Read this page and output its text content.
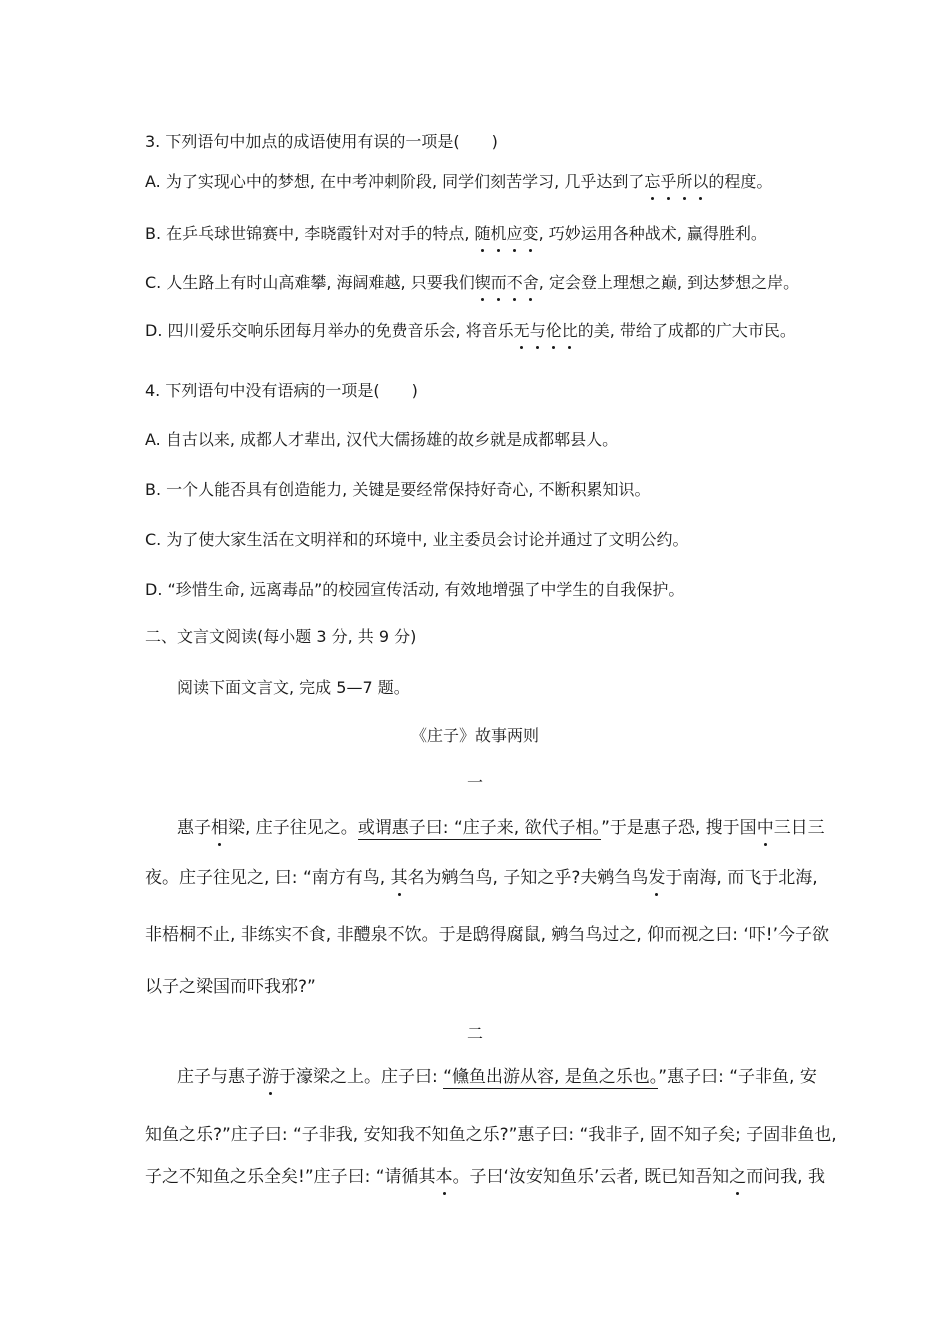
3. 下列语句中加点的成语使用有误的一项是(　　)
A. 为了实现心中的梦想, 在中考冲刺阶段, 同学们刻苦学习, 几乎达到了忘乎所以的程度。
B. 在乒乓球世锦赛中, 李晓霞针对对手的特点, 随机应变, 巧妙运用各种战术, 赢得胜利。
C. 人生路上有时山高难攀, 海阔难越, 只要我们锲而不舍, 定会登上理想之巅, 到达梦想之岸。
D. 四川爱乐交响乐团每月举办的免费音乐会, 将音乐无与伦比的美, 带给了成都的广大市民。
4. 下列语句中没有语病的一项是(　　)
A. 自古以来, 成都人才辈出, 汉代大儒扬雄的故乡就是成都郫县人。
B. 一个人能否具有创造能力, 关键是要经常保持好奇心, 不断积累知识。
C. 为了使大家生活在文明祥和的环境中, 业主委员会讨论并通过了文明公约。
D. “珍惜生命, 远离毒品”的校园宣传活动, 有效地增强了中学生的自我保护。
二、文言文阅读(每小题 3 分, 共 9 分)
阅读下面文言文, 完成 5—7 题。
《庄子》故事两则
一
惠子相梁, 庄子往见之。或谓惠子曰: “庄子来, 欲代子相。”于是惠子恐, 搜于国中三日三
夜。庄子往见之, 曰: “南方有鸟, 其名为鹓刍鸟, 子知之乎?夫鹓刍鸟发于南海, 而飞于北海,
非梧桐不止, 非练实不食, 非醴泉不饮。于是鸱得腐鼠, 鹓刍鸟过之, 仰而视之曰: ‘吓!’今子欲
以子之梁国而吓我邪?”
二
庄子与惠子游于濠梁之上。庄子曰: “儵鱼出游从容, 是鱼之乐也。”惠子曰: “子非鱼, 安
知鱼之乐?”庄子曰: “子非我, 安知我不知鱼之乐?”惠子曰: “我非子, 固不知子矣; 子固非鱼也,
子之不知鱼之乐全矣!”庄子曰: “请循其本。子曰‘汝安知鱼乐’云者, 既已知吾知之而问我, 我
